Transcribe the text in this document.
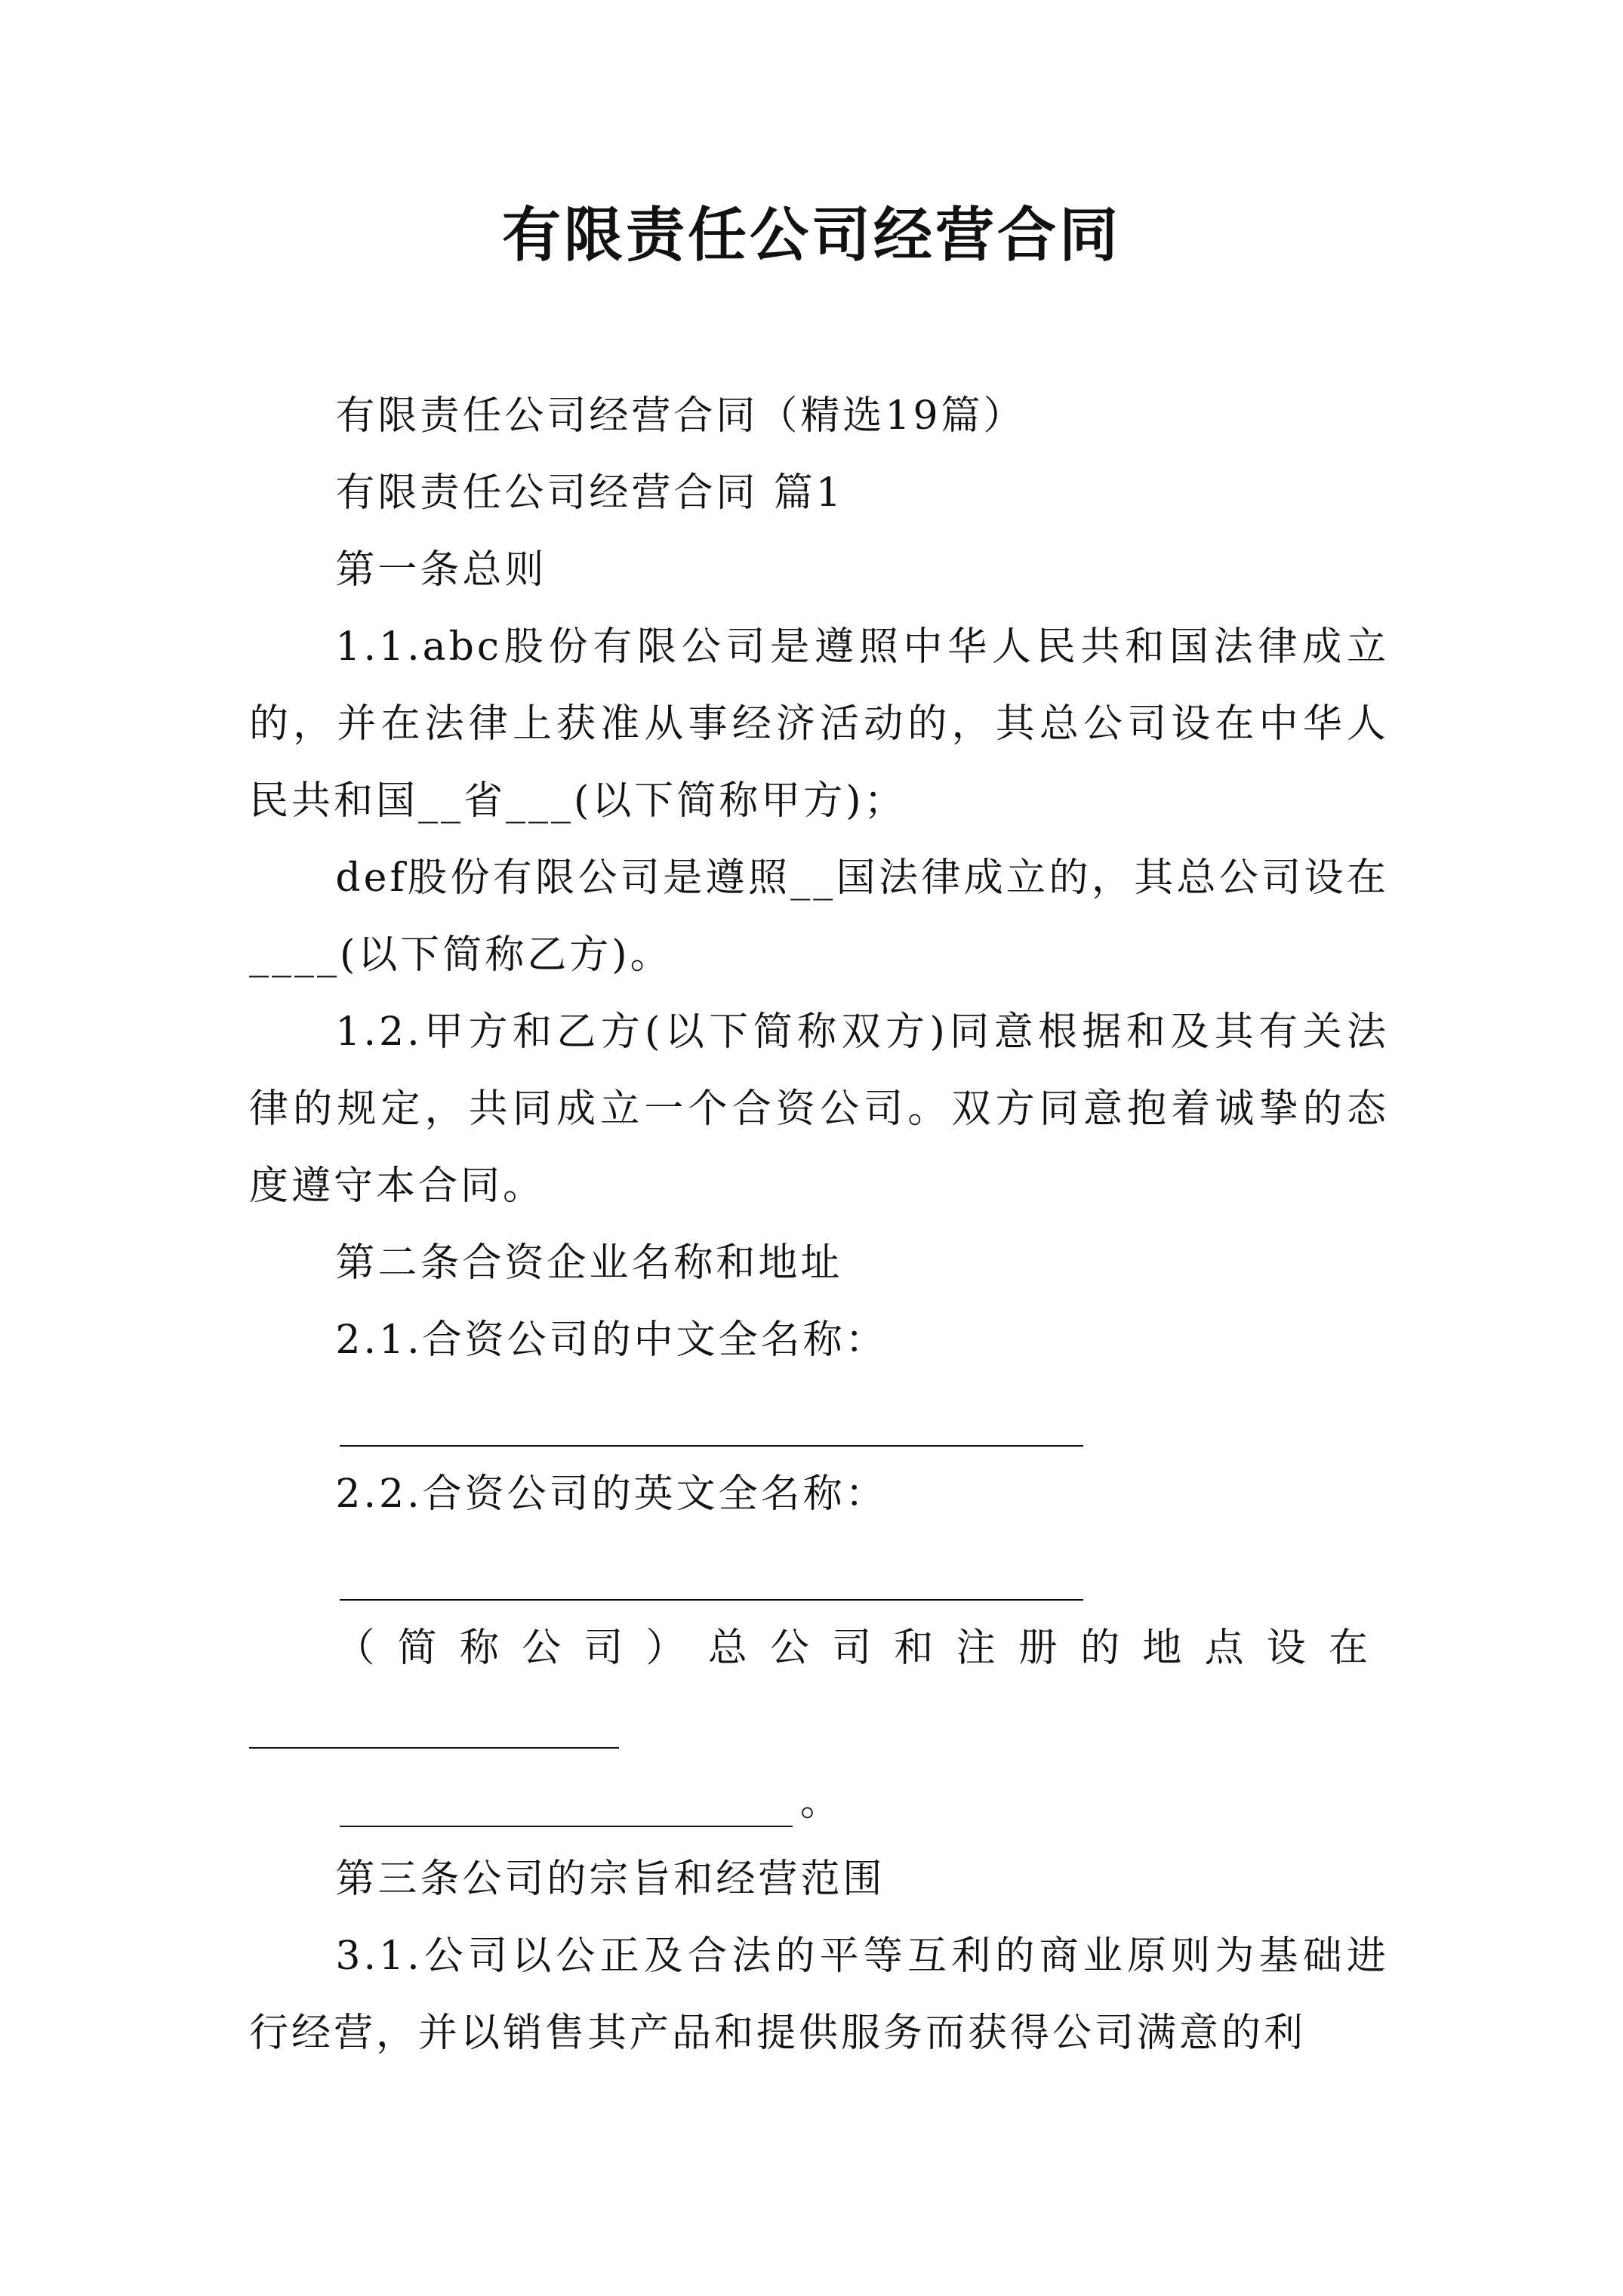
有限责任公司经营合同

有限责任公司经营合同（精选19篇）

有限责任公司经营合同 篇1

第一条总则

1.1.abc股份有限公司是遵照中华人民共和国法律成立的，并在法律上获准从事经济活动的，其总公司设在中华人民共和国__省___(以下简称甲方)；

def股份有限公司是遵照__国法律成立的，其总公司设在____(以下简称乙方)。

1.2.甲方和乙方(以下简称双方)同意根据和及其有关法律的规定，共同成立一个合资公司。双方同意抱着诚挚的态度遵守本合同。

第二条合资企业名称和地址

2.1.合资公司的中文全名称：

2.2.合资公司的英文全名称：

（简称公司）总公司和注册的地点设在

。

第三条公司的宗旨和经营范围

3.1.公司以公正及合法的平等互利的商业原则为基础进行经营，并以销售其产品和提供服务而获得公司满意的利
